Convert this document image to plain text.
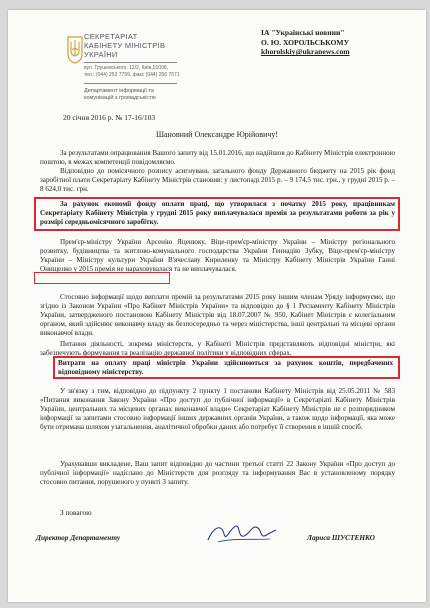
СЕКРЕТАРІАТ
КАБІНЕТУ МІНІСТРІВ
УКРАЇНИ
вул. Грушевського, 12/2, Київ,01008,
тел.: (044) 253 7799, факс (044) 256 7671
Департамент інформації та
комунікацій з громадськістю
ІА "Українські новини"
О. Ю. ХОРОЛЬСЬКОМУ
khorolskiy@ukranews.com
20 січня 2016 р. № 17-16/103
Шановний Олександре Юрійовичу!
За результатами опрацювання Вашого запиту від 15.01.2016, що надійшов до Кабінету Міністрів електронною поштою, в межах компетенції повідомляємо.
Відповідно до помісячного розпису асигнувань загального фонду Державного бюджету на 2015 рік фонд заробітної плати Секретаріату Кабінету Міністрів становив: у листопаді 2015 р. – 9 174,5 тис. грн., у грудні 2015 р. – 8 624,0 тис. грн.
За рахунок економії фонду оплати праці, що утворилася з початку 2015 року, працівникам Секретаріату Кабінету Міністрів у грудні 2015 року виплачувалася премія за результатами роботи за рік у розмірі середньомісячного заробітку.
Прем'єр-міністру України Арсенію Яценюку, Віце-прем'єр-міністру України – Міністру регіонального розвитку, будівництва та житлово-комунального господарства України Геннадію Зубку, Віце-прем'єр-міністру України – Міністру культури України В'ячеславу Кириленку та Міністру Кабінету Міністрів України Ганні Онищенко у 2015 премія не нараховувалася та не виплачувалася.
Стосовно інформації щодо виплати премій за результатами 2015 року іншим членам Уряду інформуємо, що згідно із Законом України «Про Кабінет Міністрів України» та відповідно до § 1 Регламенту Кабінету Міністрів України, затвердженого постановою Кабінету Міністрів від 18.07.2007 № 950, Кабінет Міністрів є колегіальним органом, який здійснює виконавчу владу як безпосередньо та через міністерства, інші центральні та місцеві органи виконавчої влади.
Питання діяльності, зокрема міністерств, у Кабінеті Міністрів представляють відповідні міністри, які забезпечують формування та реалізацію державної політики у відповідних сферах.
Витрати на оплату праці міністрів України здійснюються за рахунок коштів, передбачених відповідному міністерству.
У зв'язку з тим, відповідно до підпункту 2 пункту 1 постанови Кабінету Міністрів від 25.05.2011 № 583 «Питання виконання Закону України «Про доступ до публічної інформації» в Секретаріаті Кабінету Міністрів України, центральних та місцевих органах виконавчої влади» Секретаріат Кабінету Міністрів не є розпорядником інформації за запитами стосовно інформації інших державних органів України, а також щодо інформації, яка може бути отримана шляхом узагальнення, аналітичної обробки даних або потребує її створення в іншій спосіб.
Урахувавши викладене, Ваш запит відповідно до частини третьої статті 22 Закону України «Про доступ до публічної інформації» надіслано до Міністерств для розгляду та інформування Вас в установленому порядку стосовно питання, порушеного у пункті 3 запиту.
З повагою
Директор Департаменту	Лариса ШУСТЕНКО
